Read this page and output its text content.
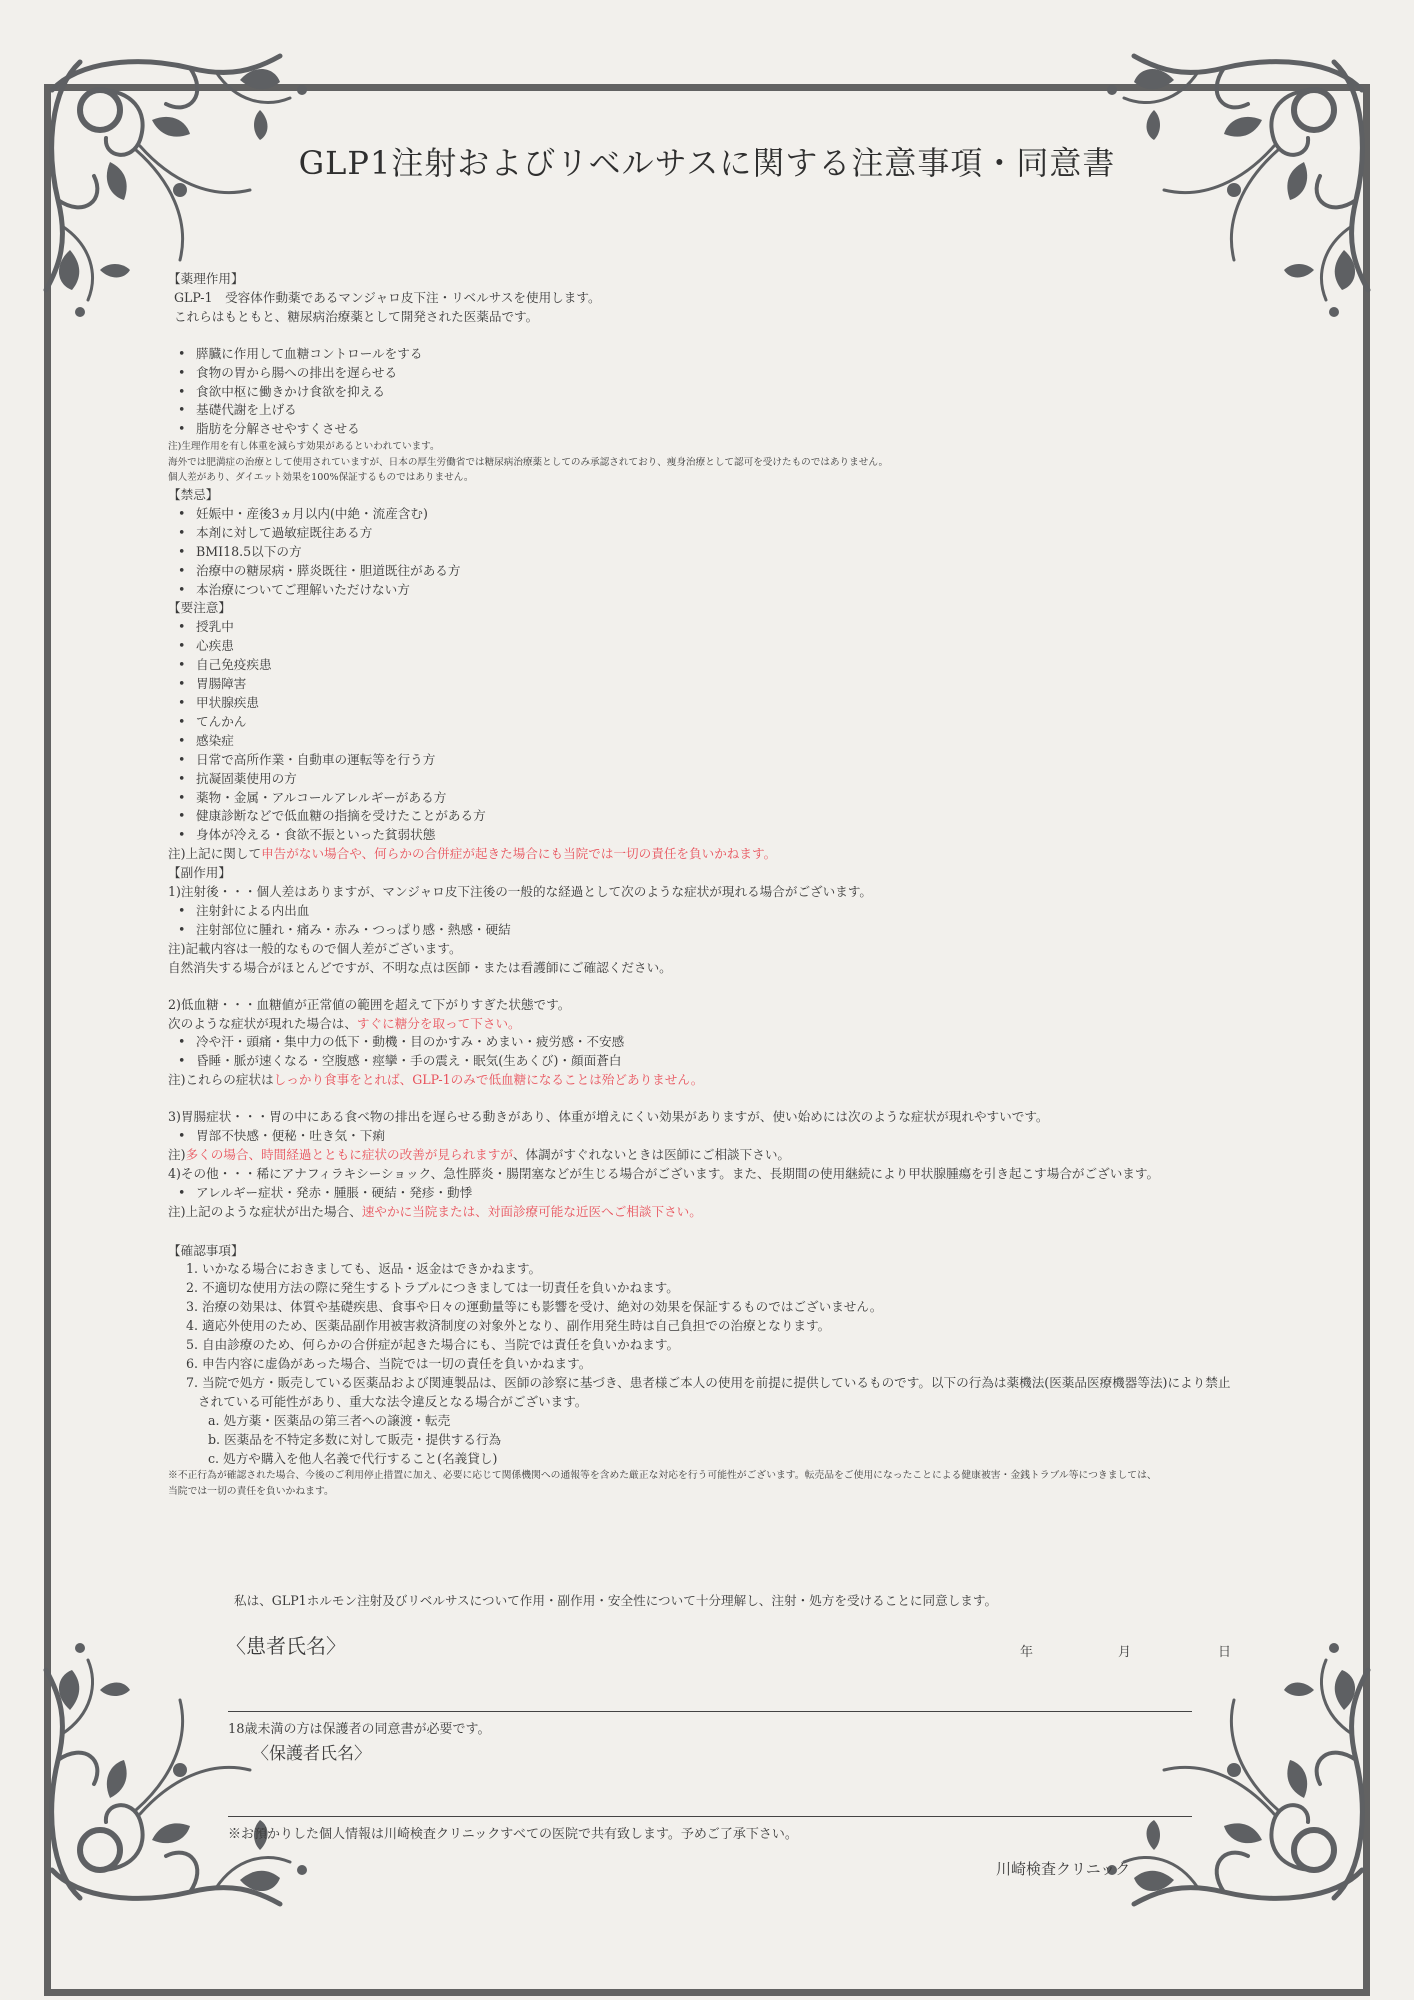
GLP1注射およびリベルサスに関する注意事項・同意書

【薬理作用】

GLP-1　受容体作動薬であるマンジャロ皮下注・リベルサスを使用します。

これらはもともと、糖尿病治療薬として開発された医薬品です。

• 膵臓に作用して血糖コントロールをする
• 食物の胃から腸への排出を遅らせる
• 食欲中枢に働きかけ食欲を抑える
• 基礎代謝を上げる
• 脂肪を分解させやすくさせる

注)生理作用を有し体重を減らす効果があるといわれています。

海外では肥満症の治療として使用されていますが、日本の厚生労働省では糖尿病治療薬としてのみ承認されており、痩身治療として認可を受けたものではありません。

個人差があり、ダイエット効果を100%保証するものではありません。

【禁忌】

• 妊娠中・産後3ヵ月以内(中絶・流産含む)
• 本剤に対して過敏症既往ある方
• BMI18.5以下の方
• 治療中の糖尿病・膵炎既往・胆道既往がある方
• 本治療についてご理解いただけない方

【要注意】

• 授乳中
• 心疾患
• 自己免疫疾患
• 胃腸障害
• 甲状腺疾患
• てんかん
• 感染症
• 日常で高所作業・自動車の運転等を行う方
• 抗凝固薬使用の方
• 薬物・金属・アルコールアレルギーがある方
• 健康診断などで低血糖の指摘を受けたことがある方
• 身体が冷える・食欲不振といった貧弱状態

注)上記に関して申告がない場合や、何らかの合併症が起きた場合にも当院では一切の責任を負いかねます。

【副作用】

1)注射後・・・個人差はありますが、マンジャロ皮下注後の一般的な経過として次のような症状が現れる場合がございます。

• 注射針による内出血
• 注射部位に腫れ・痛み・赤み・つっぱり感・熱感・硬結

注)記載内容は一般的なもので個人差がございます。

自然消失する場合がほとんどですが、不明な点は医師・または看護師にご確認ください。

2)低血糖・・・血糖値が正常値の範囲を超えて下がりすぎた状態です。

次のような症状が現れた場合は、すぐに糖分を取って下さい。

• 冷や汗・頭痛・集中力の低下・動機・目のかすみ・めまい・疲労感・不安感
• 昏睡・脈が速くなる・空腹感・痙攣・手の震え・眠気(生あくび)・顔面蒼白

注)これらの症状はしっかり食事をとれば、GLP-1のみで低血糖になることは殆どありません。

3)胃腸症状・・・胃の中にある食べ物の排出を遅らせる動きがあり、体重が増えにくい効果がありますが、使い始めには次のような症状が現れやすいです。

• 胃部不快感・便秘・吐き気・下痢

注)多くの場合、時間経過とともに症状の改善が見られますが、体調がすぐれないときは医師にご相談下さい。

4)その他・・・稀にアナフィラキシーショック、急性膵炎・腸閉塞などが生じる場合がございます。また、長期間の使用継続により甲状腺腫瘍を引き起こす場合がございます。

• アレルギー症状・発赤・腫脹・硬結・発疹・動悸

注)上記のような症状が出た場合、速やかに当院または、対面診療可能な近医へご相談下さい。

【確認事項】

1. いかなる場合におきましても、返品・返金はできかねます。
2. 不適切な使用方法の際に発生するトラブルにつきましては一切責任を負いかねます。
3. 治療の効果は、体質や基礎疾患、食事や日々の運動量等にも影響を受け、絶対の効果を保証するものではございません。
4. 適応外使用のため、医薬品副作用被害救済制度の対象外となり、副作用発生時は自己負担での治療となります。
5. 自由診療のため、何らかの合併症が起きた場合にも、当院では責任を負いかねます。
6. 申告内容に虚偽があった場合、当院では一切の責任を負いかねます。
7. 当院で処方・販売している医薬品および関連製品は、医師の診察に基づき、患者様ご本人の使用を前提に提供しているものです。以下の行為は薬機法(医薬品医療機器等法)により禁止

されている可能性があり、重大な法令違反となる場合がございます。

a. 処方薬・医薬品の第三者への譲渡・転売

b. 医薬品を不特定多数に対して販売・提供する行為

c. 処方や購入を他人名義で代行すること(名義貸し)

※不正行為が確認された場合、今後のご利用停止措置に加え、必要に応じて関係機関への通報等を含めた厳正な対応を行う可能性がございます。転売品をご使用になったことによる健康被害・金銭トラブル等につきましては、

当院では一切の責任を負いかねます。

私は、GLP1ホルモン注射及びリベルサスについて作用・副作用・安全性について十分理解し、注射・処方を受けることに同意します。
〈患者氏名〉	年	月	日
18歳未満の方は保護者の同意書が必要です。
〈保護者氏名〉
※お預かりした個人情報は川崎検査クリニックすべての医院で共有致します。予めご了承下さい。
川崎検査クリニック
